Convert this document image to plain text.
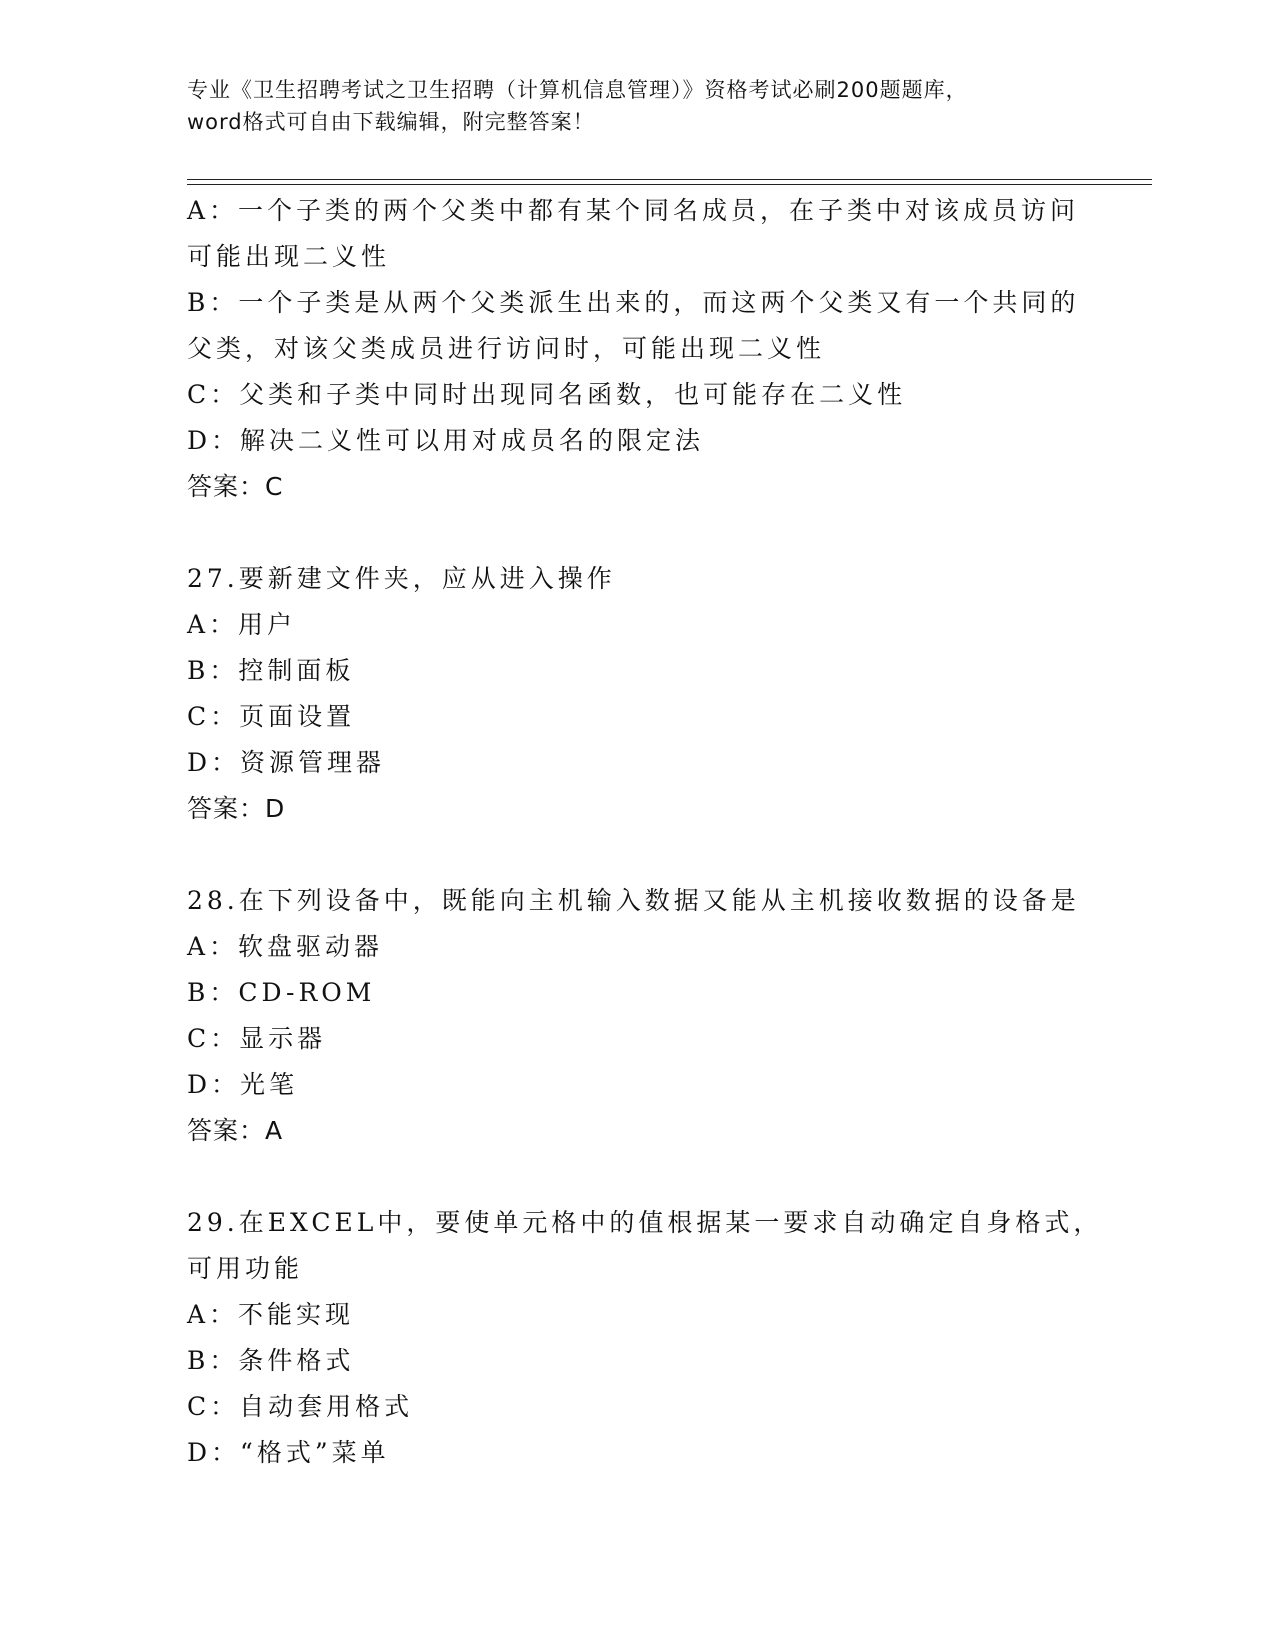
专业《卫生招聘考试之卫生招聘（计算机信息管理）》资格考试必刷200题题库，
word格式可自由下载编辑，附完整答案！
A：一个子类的两个父类中都有某个同名成员，在子类中对该成员访问
可能出现二义性
B：一个子类是从两个父类派生出来的，而这两个父类又有一个共同的
父类，对该父类成员进行访问时，可能出现二义性
C：父类和子类中同时出现同名函数，也可能存在二义性
D：解决二义性可以用对成员名的限定法
答案：C
27.要新建文件夹，应从进入操作
A：用户
B：控制面板
C：页面设置
D：资源管理器
答案：D
28.在下列设备中，既能向主机输入数据又能从主机接收数据的设备是
A：软盘驱动器
B：CD-ROM
C：显示器
D：光笔
答案：A
29.在EXCEL中，要使单元格中的值根据某一要求自动确定自身格式，
可用功能
A：不能实现
B：条件格式
C：自动套用格式
D：“格式”菜单
